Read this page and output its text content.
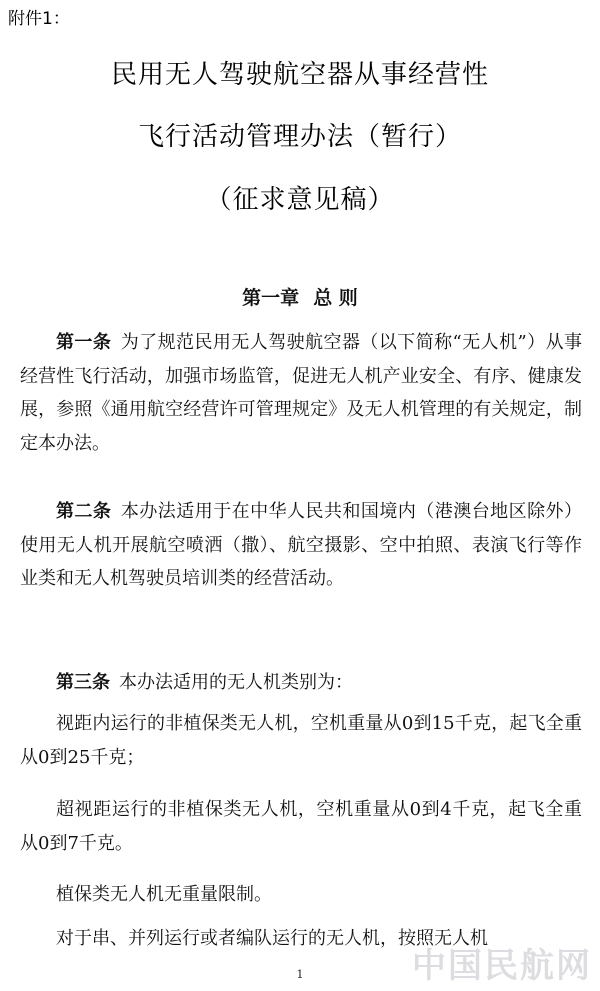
附件1：
民用无人驾驶航空器从事经营性
飞行活动管理办法（暂行）
（征求意见稿）
第一章 总 则

第一条 为了规范民用无人驾驶航空器（以下简称“无人机”）从事经营性飞行活动，加强市场监管，促进无人机产业安全、有序、健康发展，参照《通用航空经营许可管理规定》及无人机管理的有关规定，制定本办法。

第二条 本办法适用于在中华人民共和国境内（港澳台地区除外）使用无人机开展航空喷洒（撒）、航空摄影、空中拍照、表演飞行等作业类和无人机驾驶员培训类的经营活动。

第三条 本办法适用的无人机类别为：

视距内运行的非植保类无人机，空机重量从0到15千克，起飞全重从0到25千克；

超视距运行的非植保类无人机，空机重量从0到4千克，起飞全重从0到7千克。

植保类无人机无重量限制。

对于串、并列运行或者编队运行的无人机，按照无人机

1	中国民航网
